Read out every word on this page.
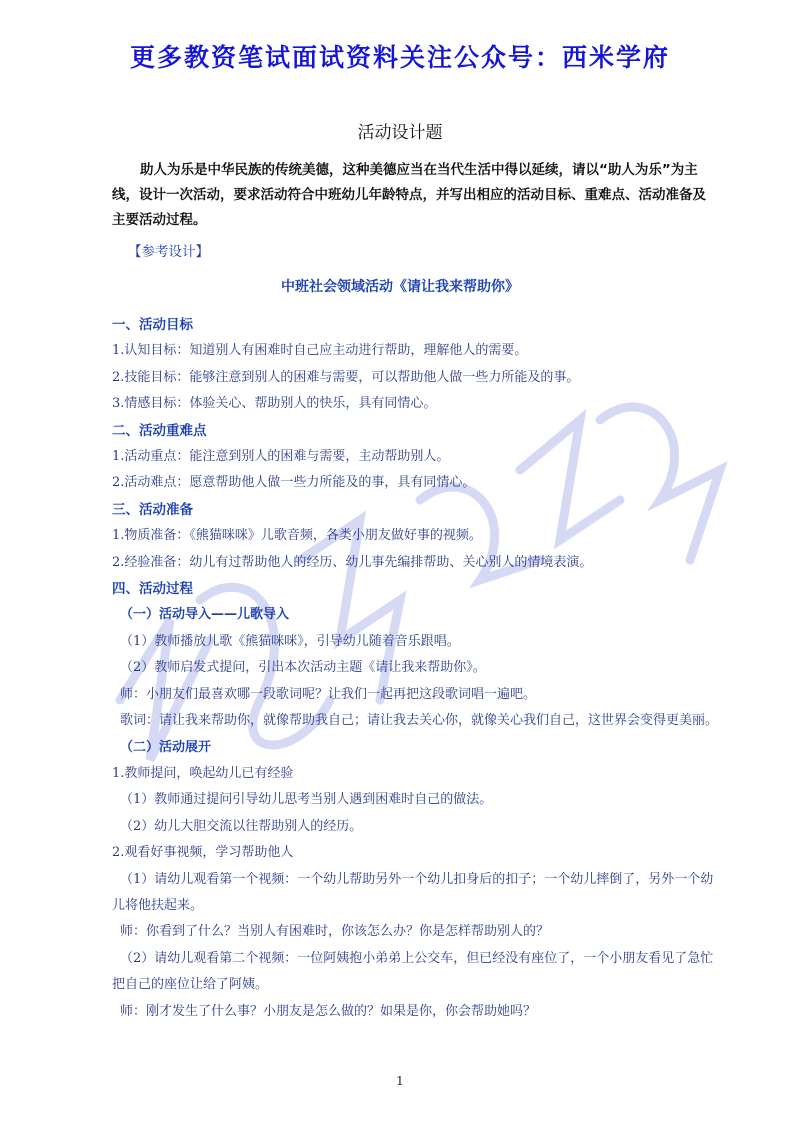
更多教资笔试面试资料关注公众号：西米学府
活动设计题

助人为乐是中华民族的传统美德，这种美德应当在当代生活中得以延续，请以“助人为乐”为主线，设计一次活动，要求活动符合中班幼儿年龄特点，并写出相应的活动目标、重难点、活动准备及主要活动过程。

【参考设计】
中班社会领域活动《请让我来帮助你》
一、活动目标
1.认知目标：知道别人有困难时自己应主动进行帮助，理解他人的需要。
2.技能目标：能够注意到别人的困难与需要，可以帮助他人做一些力所能及的事。
3.情感目标：体验关心、帮助别人的快乐，具有同情心。
二、活动重难点
1.活动重点：能注意到别人的困难与需要，主动帮助别人。
2.活动难点：愿意帮助他人做一些力所能及的事，具有同情心。
三、活动准备
1.物质准备：《熊猫咪咪》儿歌音频，各类小朋友做好事的视频。
2.经验准备：幼儿有过帮助他人的经历、幼儿事先编排帮助、关心别人的情境表演。
四、活动过程
（一）活动导入——儿歌导入
（1）教师播放儿歌《熊猫咪咪》，引导幼儿随着音乐跟唱。
（2）教师启发式提问，引出本次活动主题《请让我来帮助你》。
师：小朋友们最喜欢哪一段歌词呢？让我们一起再把这段歌词唱一遍吧。
歌词：请让我来帮助你，就像帮助我自己；请让我去关心你，就像关心我们自己，这世界会变得更美丽。
（二）活动展开
1.教师提问，唤起幼儿已有经验
（1）教师通过提问引导幼儿思考当别人遇到困难时自己的做法。
（2）幼儿大胆交流以往帮助别人的经历。
2.观看好事视频，学习帮助他人
（1）请幼儿观看第一个视频：一个幼儿帮助另外一个幼儿扣身后的扣子；一个幼儿摔倒了，另外一个幼儿将他扶起来。
师：你看到了什么？当别人有困难时，你该怎么办？你是怎样帮助别人的？
（2）请幼儿观看第二个视频：一位阿姨抱小弟弟上公交车，但已经没有座位了，一个小朋友看见了急忙把自己的座位让给了阿姨。
师：刚才发生了什么事？小朋友是怎么做的？如果是你，你会帮助她吗？
1
